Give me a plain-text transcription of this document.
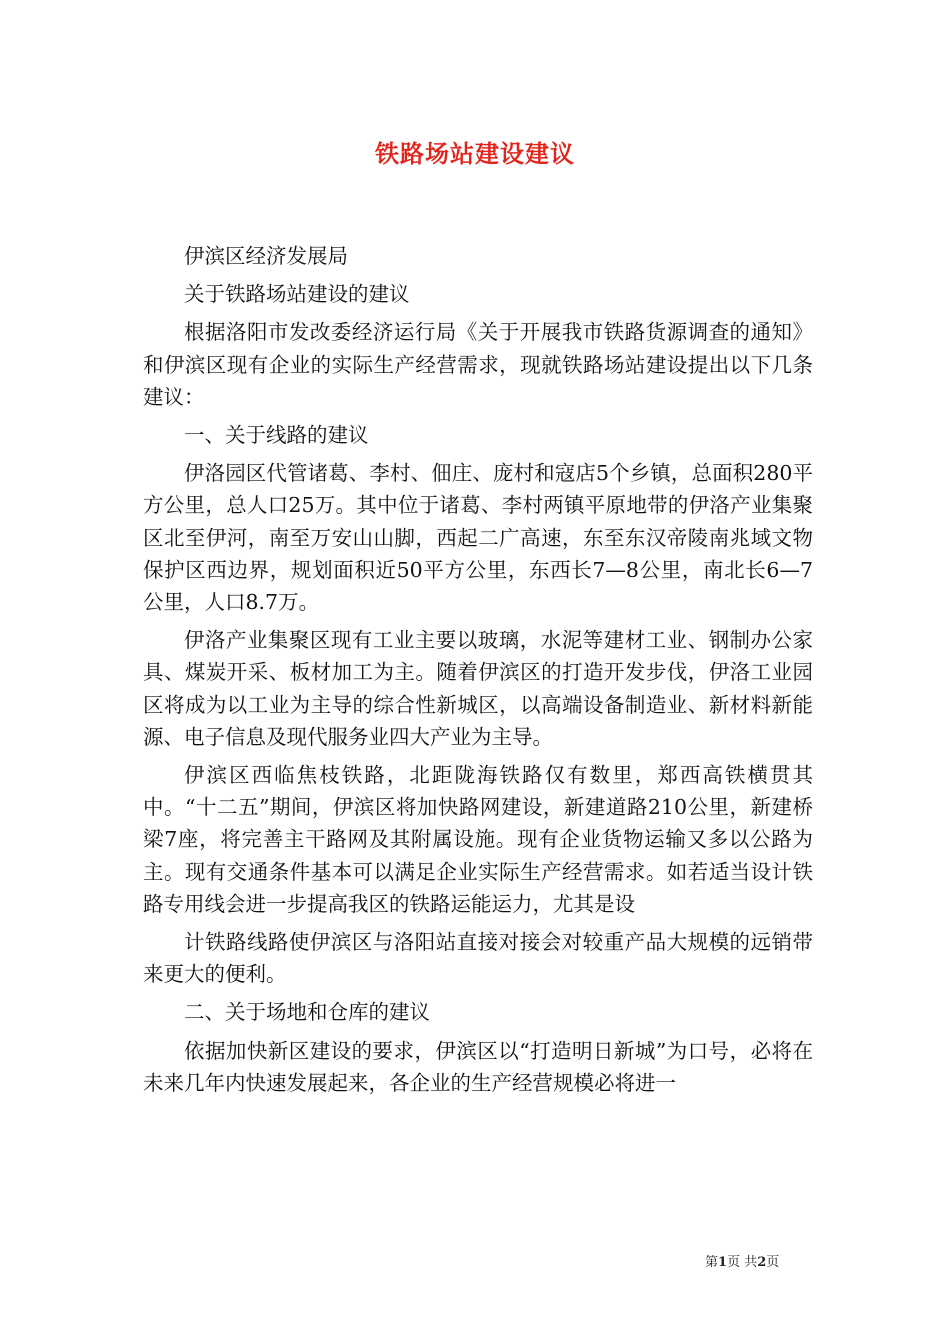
铁路场站建设建议

伊滨区经济发展局

关于铁路场站建设的建议

根据洛阳市发改委经济运行局《关于开展我市铁路货源调查的通知》和伊滨区现有企业的实际生产经营需求，现就铁路场站建设提出以下几条建议：

一、关于线路的建议

伊洛园区代管诸葛、李村、佃庄、庞村和寇店5个乡镇，总面积280平方公里，总人口25万。其中位于诸葛、李村两镇平原地带的伊洛产业集聚区北至伊河，南至万安山山脚，西起二广高速，东至东汉帝陵南兆域文物保护区西边界，规划面积近50平方公里，东西长7—8公里，南北长6—7公里，人口8.7万。

伊洛产业集聚区现有工业主要以玻璃，水泥等建材工业、钢制办公家具、煤炭开采、板材加工为主。随着伊滨区的打造开发步伐，伊洛工业园区将成为以工业为主导的综合性新城区，以高端设备制造业、新材料新能源、电子信息及现代服务业四大产业为主导。

伊滨区西临焦枝铁路，北距陇海铁路仅有数里，郑西高铁横贯其中。“十二五”期间，伊滨区将加快路网建设，新建道路210公里，新建桥梁7座，将完善主干路网及其附属设施。现有企业货物运输又多以公路为主。现有交通条件基本可以满足企业实际生产经营需求。如若适当设计铁路专用线会进一步提高我区的铁路运能运力，尤其是设

计铁路线路使伊滨区与洛阳站直接对接会对较重产品大规模的远销带来更大的便利。

二、关于场地和仓库的建议

依据加快新区建设的要求，伊滨区以“打造明日新城”为口号，必将在未来几年内快速发展起来，各企业的生产经营规模必将进一

第1页 共2页
